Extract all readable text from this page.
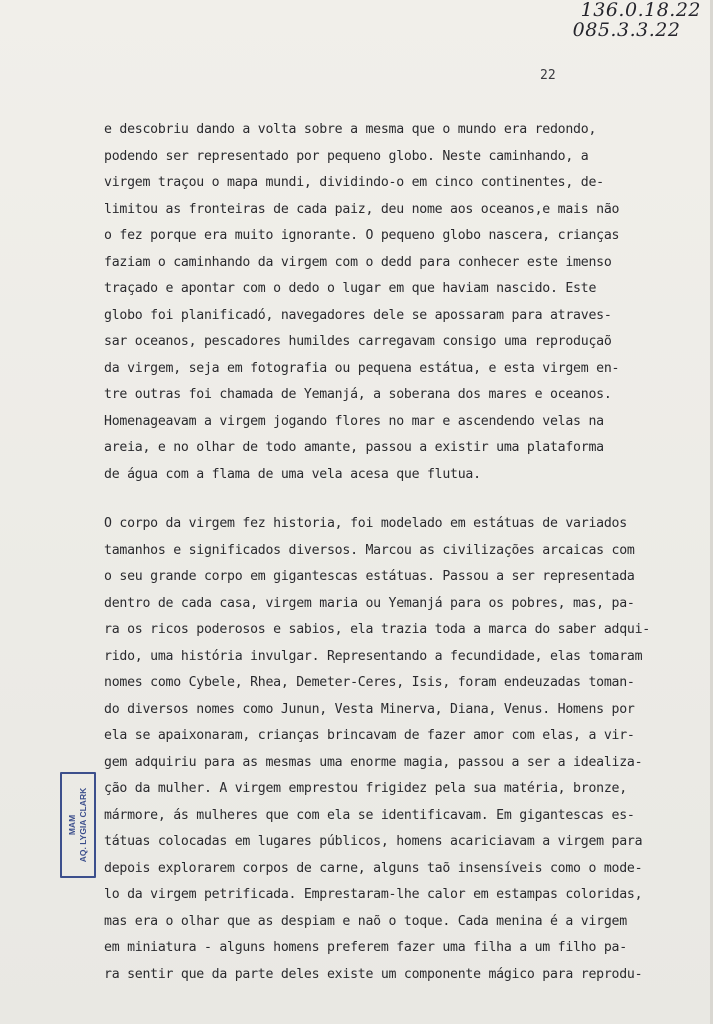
136.0.18.22
085.3.3.22
22
e descobriu dando a volta sobre a mesma que o mundo era redondo,
podendo ser representado por pequeno globo. Neste caminhando, a
virgem traçou o mapa mundi, dividindo-o em cinco continentes, de-
limitou as fronteiras de cada paiz, deu nome aos oceanos,e mais não
o fez porque era muito ignorante. O pequeno globo nascera, crianças
faziam o caminhando da virgem com o dedd para conhecer este imenso
traçado e apontar com o dedo o lugar em que haviam nascido. Este
globo foi planificadó, navegadores dele se apossaram para atraves-
sar oceanos, pescadores humildes carregavam consigo uma reproduçaõ
da virgem, seja em fotografia ou pequena estátua, e esta virgem en-
tre outras foi chamada de Yemanjá, a soberana dos mares e oceanos.
Homenageavam a virgem jogando flores no mar e ascendendo velas na
areia, e no olhar de todo amante, passou a existir uma plataforma
de água com a flama de uma vela acesa que flutua.
O corpo da virgem fez historia, foi modelado em estátuas de variados
tamanhos e significados diversos. Marcou as civilizações arcaicas com
o seu grande corpo em gigantescas estátuas. Passou a ser representada
dentro de cada casa, virgem maria ou Yemanjá para os pobres, mas, pa-
ra os ricos poderosos e sabios, ela trazia toda a marca do saber adqui-
rido, uma história invulgar. Representando a fecundidade, elas tomaram
nomes como Cybele, Rhea, Demeter-Ceres, Isis, foram endeuzadas toman-
do diversos nomes como Junun, Vesta Minerva, Diana, Venus. Homens por
ela se apaixonaram, crianças brincavam de fazer amor com elas, a vir-
gem adquiriu para as mesmas uma enorme magia, passou a ser a idealiza-
ção da mulher. A virgem emprestou frigidez pela sua matéria, bronze,
mármore, ás mulheres que com ela se identificavam. Em gigantescas es-
tátuas colocadas em lugares públicos, homens acariciavam a virgem para
depois explorarem corpos de carne, alguns taõ insensíveis como o mode-
lo da virgem petrificada. Emprestaram-lhe calor em estampas coloridas,
mas era o olhar que as despiam e naõ o toque. Cada menina é a virgem
em miniatura - alguns homens preferem fazer uma filha a um filho pa-
ra sentir que da parte deles existe um componente mágico para reprodu-
MAM AQ. LYGIA CLARK
